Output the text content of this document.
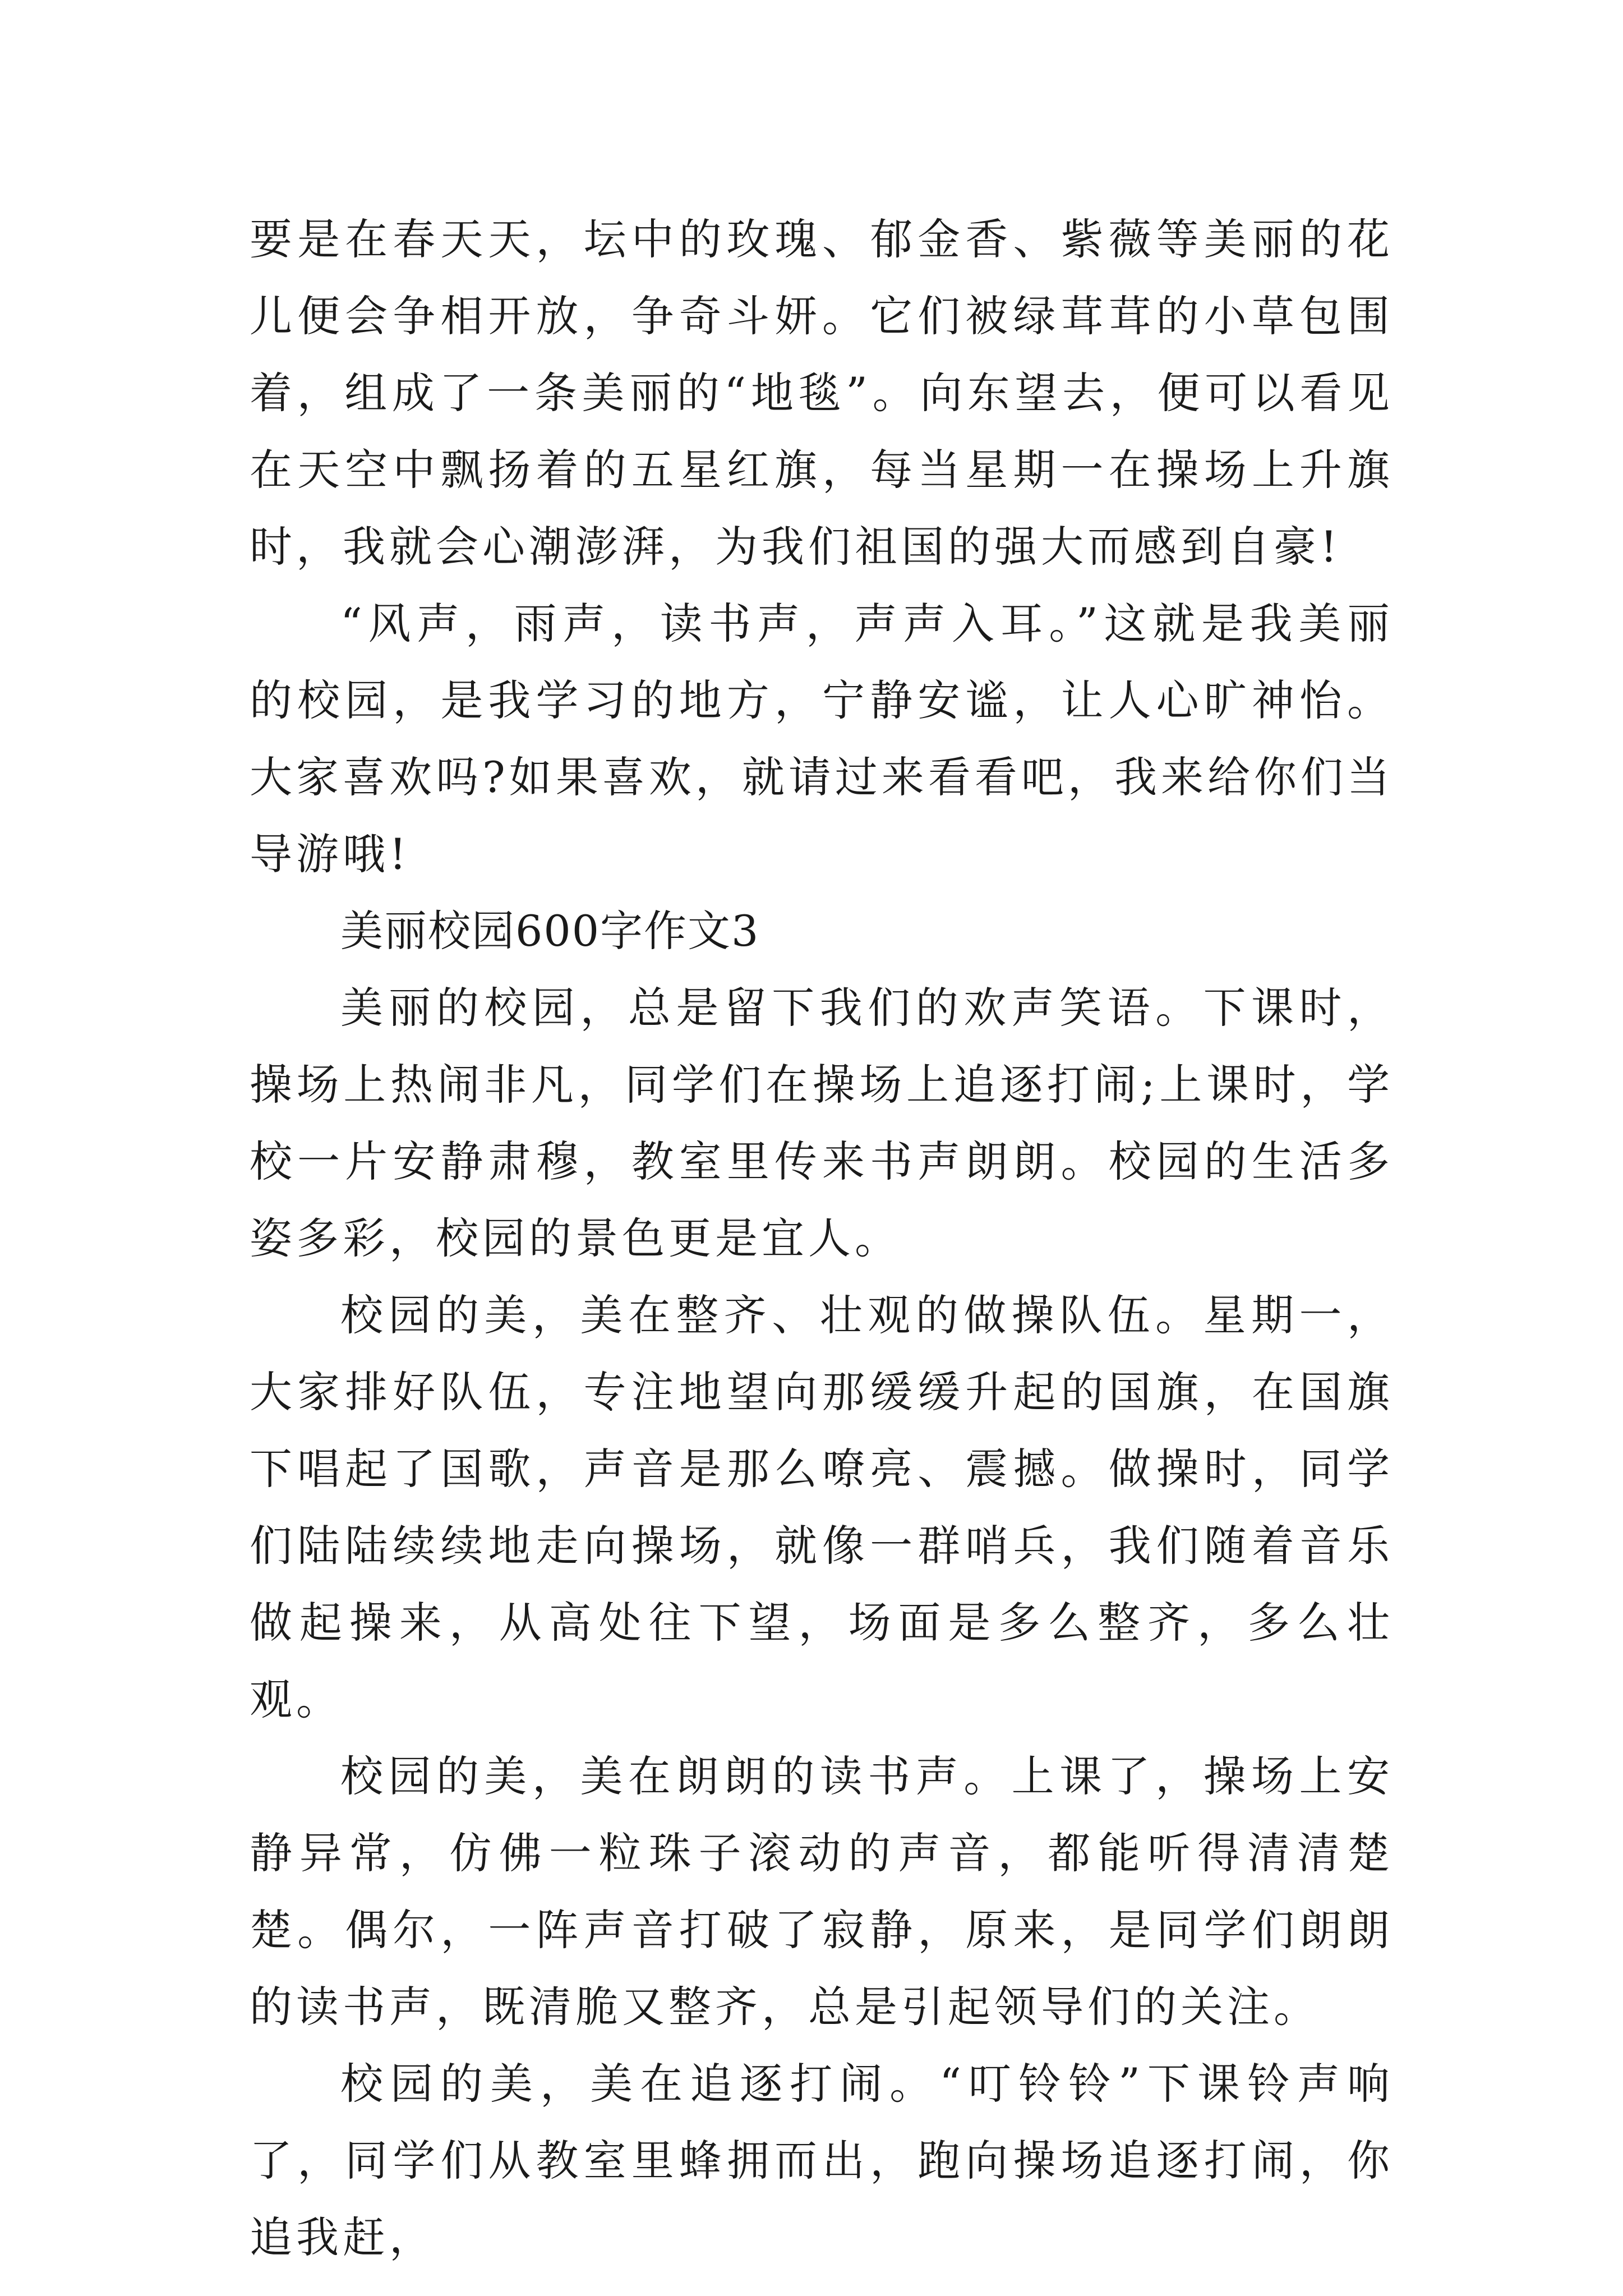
要是在春天天，坛中的玫瑰、郁金香、紫薇等美丽的花儿便会争相开放，争奇斗妍。它们被绿茸茸的小草包围着，组成了一条美丽的“地毯”。向东望去，便可以看见在天空中飘扬着的五星红旗，每当星期一在操场上升旗时，我就会心潮澎湃，为我们祖国的强大而感到自豪!

“风声，雨声，读书声，声声入耳。”这就是我美丽的校园，是我学习的地方，宁静安谧，让人心旷神怡。大家喜欢吗?如果喜欢，就请过来看看吧，我来给你们当导游哦!

美丽校园600字作文3

美丽的校园，总是留下我们的欢声笑语。下课时，操场上热闹非凡，同学们在操场上追逐打闹;上课时，学校一片安静肃穆，教室里传来书声朗朗。校园的生活多姿多彩，校园的景色更是宜人。

校园的美，美在整齐、壮观的做操队伍。星期一，大家排好队伍，专注地望向那缓缓升起的国旗，在国旗下唱起了国歌，声音是那么嘹亮、震撼。做操时，同学们陆陆续续地走向操场，就像一群哨兵，我们随着音乐做起操来，从高处往下望，场面是多么整齐，多么壮观。

校园的美，美在朗朗的读书声。上课了，操场上安静异常，仿佛一粒珠子滚动的声音，都能听得清清楚楚。偶尔，一阵声音打破了寂静，原来，是同学们朗朗的读书声，既清脆又整齐，总是引起领导们的关注。

校园的美，美在追逐打闹。“叮铃铃”下课铃声响了，同学们从教室里蜂拥而出，跑向操场追逐打闹，你追我赶，
